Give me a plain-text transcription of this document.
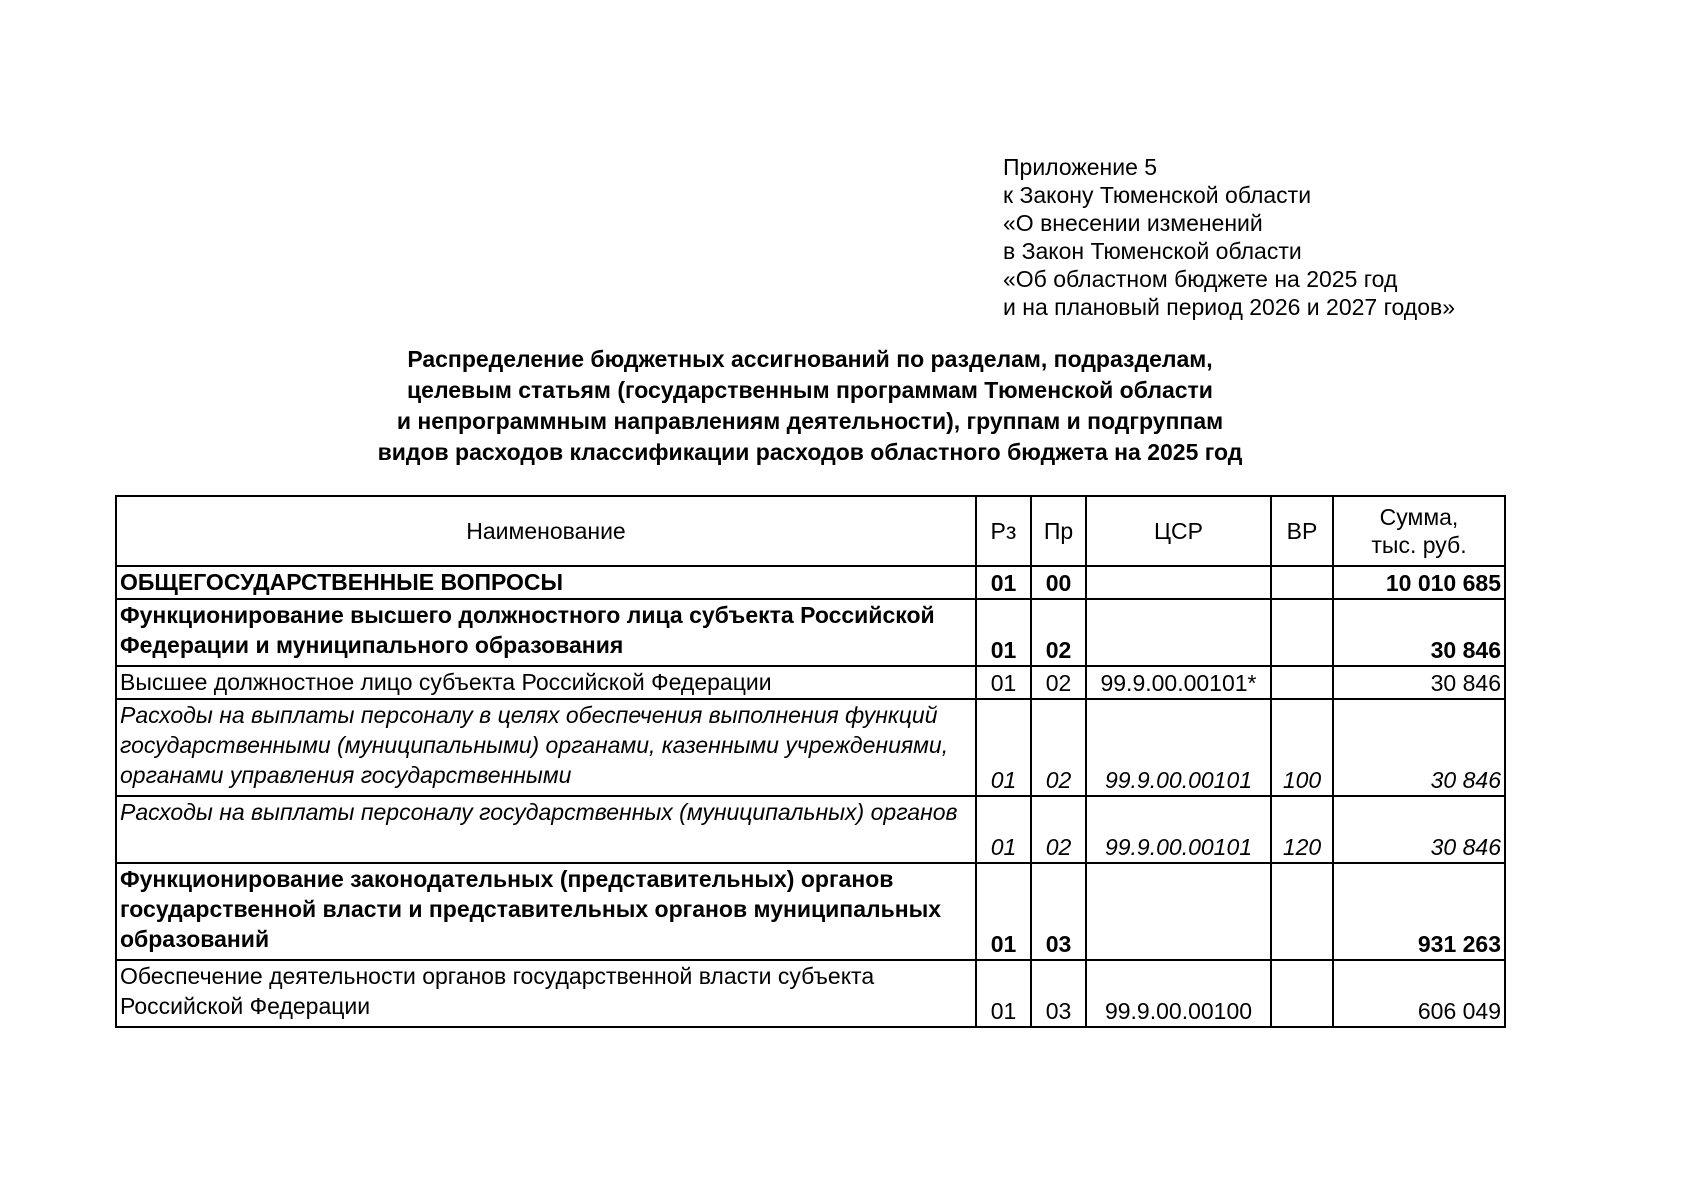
Приложение 5
к Закону Тюменской области
«О внесении изменений
в Закон Тюменской области
«Об областном бюджете на 2025 год
и на плановый период 2026 и 2027 годов»
Распределение бюджетных ассигнований по разделам, подразделам,
целевым статьям (государственным программам Тюменской области
и непрограммным направлениям деятельности), группам и подгруппам
видов расходов классификации расходов областного бюджета на 2025 год
Наименование	Рз	Пр	ЦСР	ВР	Сумма,
тыс. руб.
ОБЩЕГОСУДАРСТВЕННЫЕ ВОПРОСЫ	01	00			10 010 685
Функционирование высшего должностного лица субъекта Российской Федерации и муниципального образования	01	02			30 846
Высшее должностное лицо субъекта Российской Федерации	01	02	99.9.00.00101*		30 846
Расходы на выплаты персоналу в целях обеспечения выполнения функций государственными (муниципальными) органами, казенными учреждениями, органами управления государственными	01	02	99.9.00.00101	100	30 846
Расходы на выплаты персоналу государственных (муниципальных) органов	01	02	99.9.00.00101	120	30 846
Функционирование законодательных (представительных) органов государственной власти и представительных органов муниципальных образований	01	03			931 263
Обеспечение деятельности органов государственной власти субъекта Российской Федерации	01	03	99.9.00.00100		606 049
